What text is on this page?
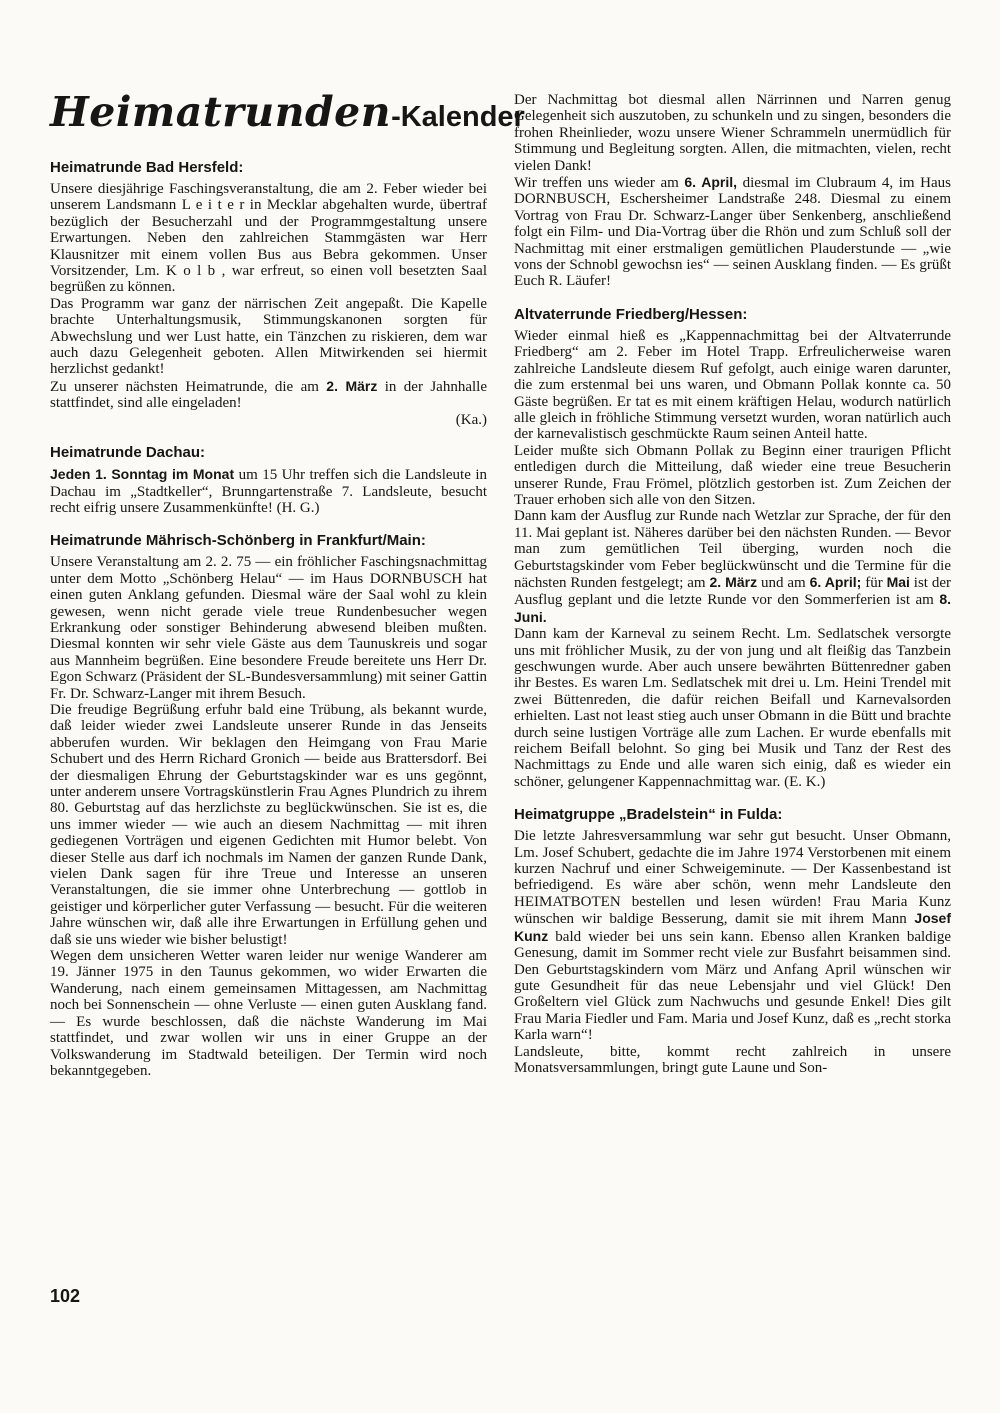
Heimatrunden-Kalender
Heimatrunde Bad Hersfeld:

Unsere diesjährige Faschingsveranstaltung, die am 2. Feber wieder bei unserem Landsmann L e i t e r in Mecklar abgehalten wurde, übertraf bezüglich der Besucherzahl und der Programmgestaltung unsere Erwartungen. Neben den zahlreichen Stammgästen war Herr Klausnitzer mit einem vollen Bus aus Bebra gekommen. Unser Vorsitzender, Lm. K o l b , war erfreut, so einen voll besetzten Saal begrüßen zu können.

Das Programm war ganz der närrischen Zeit angepaßt. Die Kapelle brachte Unterhaltungsmusik, Stimmungskanonen sorgten für Abwechslung und wer Lust hatte, ein Tänzchen zu riskieren, dem war auch dazu Gelegenheit geboten. Allen Mitwirkenden sei hiermit herzlichst gedankt!

Zu unserer nächsten Heimatrunde, die am 2. März in der Jahnhalle stattfindet, sind alle eingeladen!

(Ka.)

Heimatrunde Dachau:

Jeden 1. Sonntag im Monat um 15 Uhr treffen sich die Landsleute in Dachau im „Stadtkeller“, Brunngartenstraße 7. Landsleute, besucht recht eifrig unsere Zusammenkünfte! (H. G.)

Heimatrunde Mährisch-Schönberg in Frankfurt/Main:

Unsere Veranstaltung am 2. 2. 75 — ein fröhlicher Faschingsnachmittag unter dem Motto „Schönberg Helau“ — im Haus DORNBUSCH hat einen guten Anklang gefunden. Diesmal wäre der Saal wohl zu klein gewesen, wenn nicht gerade viele treue Rundenbesucher wegen Erkrankung oder sonstiger Behinderung abwesend bleiben mußten. Diesmal konnten wir sehr viele Gäste aus dem Taunuskreis und sogar aus Mannheim begrüßen. Eine besondere Freude bereitete uns Herr Dr. Egon Schwarz (Präsident der SL-Bundesversammlung) mit seiner Gattin Fr. Dr. Schwarz-Langer mit ihrem Besuch.

Die freudige Begrüßung erfuhr bald eine Trübung, als bekannt wurde, daß leider wieder zwei Landsleute unserer Runde in das Jenseits abberufen wurden. Wir beklagen den Heimgang von Frau Marie Schubert und des Herrn Richard Gronich — beide aus Brattersdorf. Bei der diesmaligen Ehrung der Geburtstagskinder war es uns gegönnt, unter anderem unsere Vortragskünstlerin Frau Agnes Plundrich zu ihrem 80. Geburtstag auf das herzlichste zu beglückwünschen. Sie ist es, die uns immer wieder — wie auch an diesem Nachmittag — mit ihren gediegenen Vorträgen und eigenen Gedichten mit Humor belebt. Von dieser Stelle aus darf ich nochmals im Namen der ganzen Runde Dank, vielen Dank sagen für ihre Treue und Interesse an unseren Veranstaltungen, die sie immer ohne Unterbrechung — gottlob in geistiger und körperlicher guter Verfassung — besucht. Für die weiteren Jahre wünschen wir, daß alle ihre Erwartungen in Erfüllung gehen und daß sie uns wieder wie bisher belustigt!

Wegen dem unsicheren Wetter waren leider nur wenige Wanderer am 19. Jänner 1975 in den Taunus gekommen, wo wider Erwarten die Wanderung, nach einem gemeinsamen Mittagessen, am Nachmittag noch bei Sonnenschein — ohne Verluste — einen guten Ausklang fand. — Es wurde beschlossen, daß die nächste Wanderung im Mai stattfindet, und zwar wollen wir uns in einer Gruppe an der Volkswanderung im Stadtwald beteiligen. Der Termin wird noch bekanntgegeben.

Der Nachmittag bot diesmal allen Närrinnen und Narren genug Gelegenheit sich auszutoben, zu schunkeln und zu singen, besonders die frohen Rheinlieder, wozu unsere Wiener Schrammeln unermüdlich für Stimmung und Begleitung sorgten. Allen, die mitmachten, vielen, recht vielen Dank!

Wir treffen uns wieder am 6. April, diesmal im Clubraum 4, im Haus DORNBUSCH, Eschersheimer Landstraße 248. Diesmal zu einem Vortrag von Frau Dr. Schwarz-Langer über Senkenberg, anschließend folgt ein Film- und Dia-Vortrag über die Rhön und zum Schluß soll der Nachmittag mit einer erstmaligen gemütlichen Plauderstunde — „wie vons der Schnobl gewochsn ies“ — seinen Ausklang finden. — Es grüßt Euch R. Läufer!

Altvaterrunde Friedberg/Hessen:

Wieder einmal hieß es „Kappennachmittag bei der Altvaterrunde Friedberg“ am 2. Feber im Hotel Trapp. Erfreulicherweise waren zahlreiche Landsleute diesem Ruf gefolgt, auch einige waren darunter, die zum erstenmal bei uns waren, und Obmann Pollak konnte ca. 50 Gäste begrüßen. Er tat es mit einem kräftigen Helau, wodurch natürlich alle gleich in fröhliche Stimmung versetzt wurden, woran natürlich auch der karnevalistisch geschmückte Raum seinen Anteil hatte.

Leider mußte sich Obmann Pollak zu Beginn einer traurigen Pflicht entledigen durch die Mitteilung, daß wieder eine treue Besucherin unserer Runde, Frau Frömel, plötzlich gestorben ist. Zum Zeichen der Trauer erhoben sich alle von den Sitzen.

Dann kam der Ausflug zur Runde nach Wetzlar zur Sprache, der für den 11. Mai geplant ist. Näheres darüber bei den nächsten Runden. — Bevor man zum gemütlichen Teil überging, wurden noch die Geburtstagskinder vom Feber beglückwünscht und die Termine für die nächsten Runden festgelegt; am 2. März und am 6. April; für Mai ist der Ausflug geplant und die letzte Runde vor den Sommerferien ist am 8. Juni.

Dann kam der Karneval zu seinem Recht. Lm. Sedlatschek versorgte uns mit fröhlicher Musik, zu der von jung und alt fleißig das Tanzbein geschwungen wurde. Aber auch unsere bewährten Büttenredner gaben ihr Bestes. Es waren Lm. Sedlatschek mit drei u. Lm. Heini Trendel mit zwei Büttenreden, die dafür reichen Beifall und Karnevalsorden erhielten. Last not least stieg auch unser Obmann in die Bütt und brachte durch seine lustigen Vorträge alle zum Lachen. Er wurde ebenfalls mit reichem Beifall belohnt. So ging bei Musik und Tanz der Rest des Nachmittags zu Ende und alle waren sich einig, daß es wieder ein schöner, gelungener Kappennachmittag war. (E. K.)

Heimatgruppe „Bradelstein“ in Fulda:

Die letzte Jahresversammlung war sehr gut besucht. Unser Obmann, Lm. Josef Schubert, gedachte die im Jahre 1974 Verstorbenen mit einem kurzen Nachruf und einer Schweigeminute. — Der Kassenbestand ist befriedigend. Es wäre aber schön, wenn mehr Landsleute den HEIMATBOTEN bestellen und lesen würden! Frau Maria Kunz wünschen wir baldige Besserung, damit sie mit ihrem Mann Josef Kunz bald wieder bei uns sein kann. Ebenso allen Kranken baldige Genesung, damit im Sommer recht viele zur Busfahrt beisammen sind. Den Geburtstagskindern vom März und Anfang April wünschen wir gute Gesundheit für das neue Lebensjahr und viel Glück! Den Großeltern viel Glück zum Nachwuchs und gesunde Enkel! Dies gilt Frau Maria Fiedler und Fam. Maria und Josef Kunz, daß es „recht storka Karla warn“!

Landsleute, bitte, kommt recht zahlreich in unsere Monatsversammlungen, bringt gute Laune und Son-

102
